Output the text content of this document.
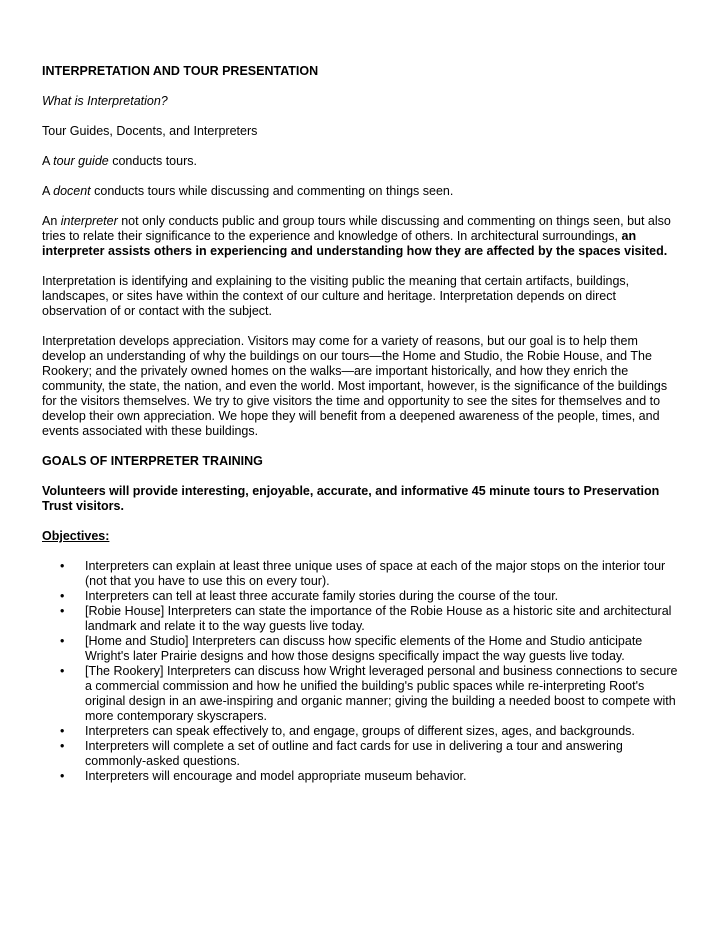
INTERPRETATION AND TOUR PRESENTATION

What is Interpretation?

Tour Guides, Docents, and Interpreters

A tour guide conducts tours.

A docent conducts tours while discussing and commenting on things seen.

An interpreter not only conducts public and group tours while discussing and commenting on things seen, but also tries to relate their significance to the experience and knowledge of others. In architectural surroundings, an interpreter assists others in experiencing and understanding how they are affected by the spaces visited.

Interpretation is identifying and explaining to the visiting public the meaning that certain artifacts, buildings, landscapes, or sites have within the context of our culture and heritage. Interpretation depends on direct observation of or contact with the subject.

Interpretation develops appreciation. Visitors may come for a variety of reasons, but our goal is to help them develop an understanding of why the buildings on our tours—the Home and Studio, the Robie House, and The Rookery; and the privately owned homes on the walks—are important historically, and how they enrich the community, the state, the nation, and even the world. Most important, however, is the significance of the buildings for the visitors themselves. We try to give visitors the time and opportunity to see the sites for themselves and to develop their own appreciation. We hope they will benefit from a deepened awareness of the people, times, and events associated with these buildings.

GOALS OF INTERPRETER TRAINING

Volunteers will provide interesting, enjoyable, accurate, and informative 45 minute tours to Preservation Trust visitors.

Objectives:

• Interpreters can explain at least three unique uses of space at each of the major stops on the interior tour (not that you have to use this on every tour).
• Interpreters can tell at least three accurate family stories during the course of the tour.
• [Robie House] Interpreters can state the importance of the Robie House as a historic site and architectural landmark and relate it to the way guests live today.
• [Home and Studio] Interpreters can discuss how specific elements of the Home and Studio anticipate Wright's later Prairie designs and how those designs specifically impact the way guests live today.
• [The Rookery] Interpreters can discuss how Wright leveraged personal and business connections to secure a commercial commission and how he unified the building's public spaces while re-interpreting Root's original design in an awe-inspiring and organic manner; giving the building a needed boost to compete with more contemporary skyscrapers.
• Interpreters can speak effectively to, and engage, groups of different sizes, ages, and backgrounds.
• Interpreters will complete a set of outline and fact cards for use in delivering a tour and answering commonly-asked questions.
• Interpreters will encourage and model appropriate museum behavior.
